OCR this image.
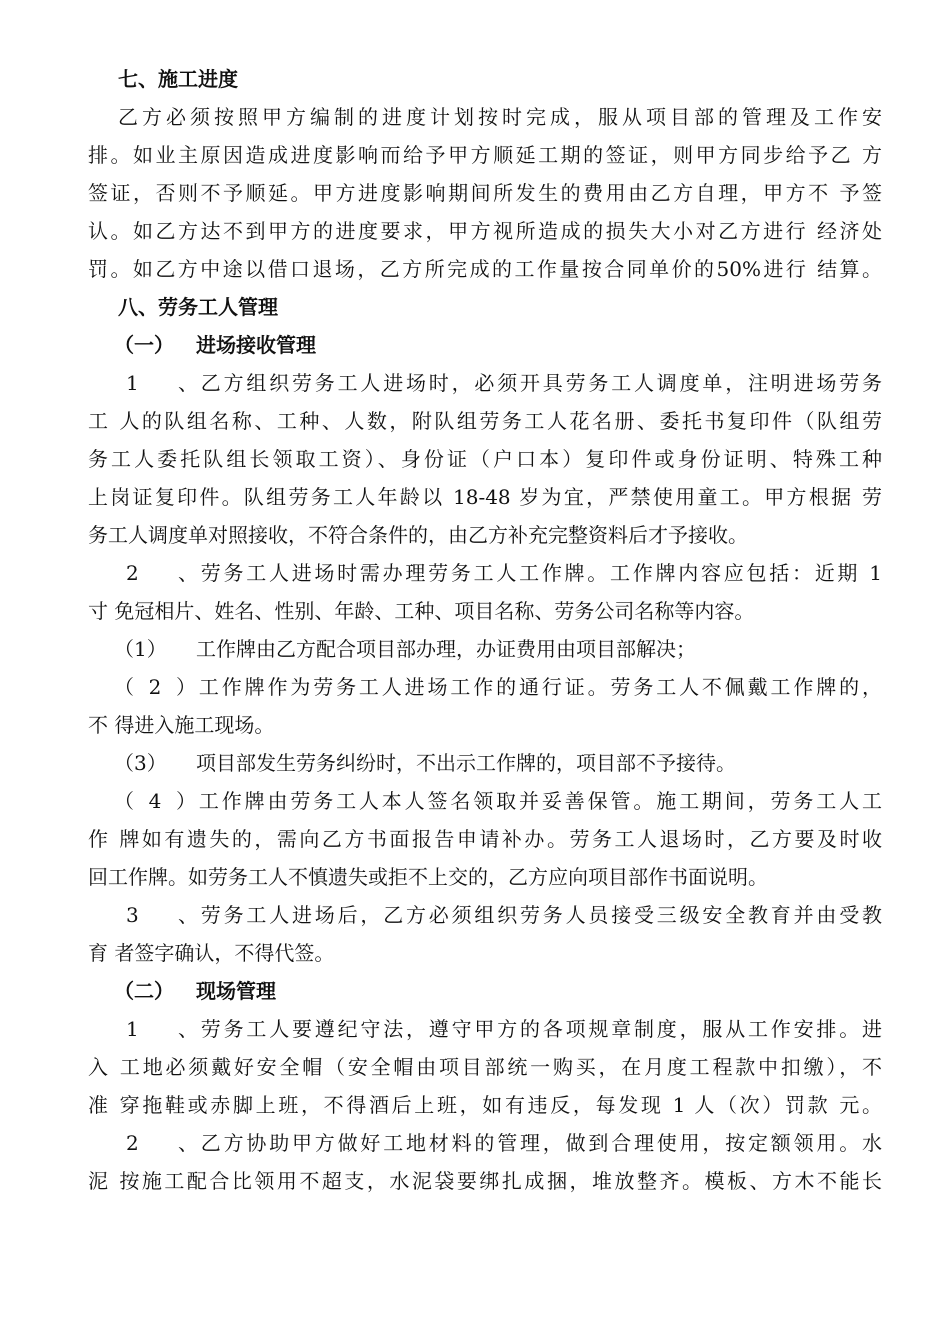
七、施工进度
乙方必须按照甲方编制的进度计划按时完成，服从项目部的管理及工作安
排。如业主原因造成进度影响而给予甲方顺延工期的签证，则甲方同步给予乙 方
签证，否则不予顺延。甲方进度影响期间所发生的费用由乙方自理，甲方不 予签
认。如乙方达不到甲方的进度要求，甲方视所造成的损失大小对乙方进行 经济处
罚。如乙方中途以借口退场，乙方所完成的工作量按合同单价的50%进行 结算。
八、劳务工人管理
（一） 进场接收管理
1、乙方组织劳务工人进场时，必须开具劳务工人调度单，注明进场劳务
工 人的队组名称、工种、人数，附队组劳务工人花名册、委托书复印件（队组劳
务工人委托队组长领取工资）、身份证（户口本）复印件或身份证明、特殊工种
上岗证复印件。队组劳务工人年龄以 18-48 岁为宜，严禁使用童工。甲方根据 劳
务工人调度单对照接收，不符合条件的，由乙方补充完整资料后才予接收。
2、劳务工人进场时需办理劳务工人工作牌。工作牌内容应包括：近期 1
寸 免冠相片、姓名、性别、年龄、工种、项目名称、劳务公司名称等内容。
（1） 工作牌由乙方配合项目部办理，办证费用由项目部解决；
（2）工作牌作为劳务工人进场工作的通行证。劳务工人不佩戴工作牌的，
不 得进入施工现场。
（3） 项目部发生劳务纠纷时，不出示工作牌的，项目部不予接待。
（4）工作牌由劳务工人本人签名领取并妥善保管。施工期间，劳务工人工
作 牌如有遗失的，需向乙方书面报告申请补办。劳务工人退场时，乙方要及时收
回工作牌。如劳务工人不慎遗失或拒不上交的，乙方应向项目部作书面说明。
3、劳务工人进场后，乙方必须组织劳务人员接受三级安全教育并由受教
育 者签字确认，不得代签。
（二） 现场管理
1、劳务工人要遵纪守法，遵守甲方的各项规章制度，服从工作安排。进
入 工地必须戴好安全帽（安全帽由项目部统一购买，在月度工程款中扣缴），不
准 穿拖鞋或赤脚上班，不得酒后上班，如有违反，每发现 1 人（次）罚款 元。
2、乙方协助甲方做好工地材料的管理，做到合理使用，按定额领用。水
泥 按施工配合比领用不超支，水泥袋要绑扎成捆，堆放整齐。模板、方木不能长
